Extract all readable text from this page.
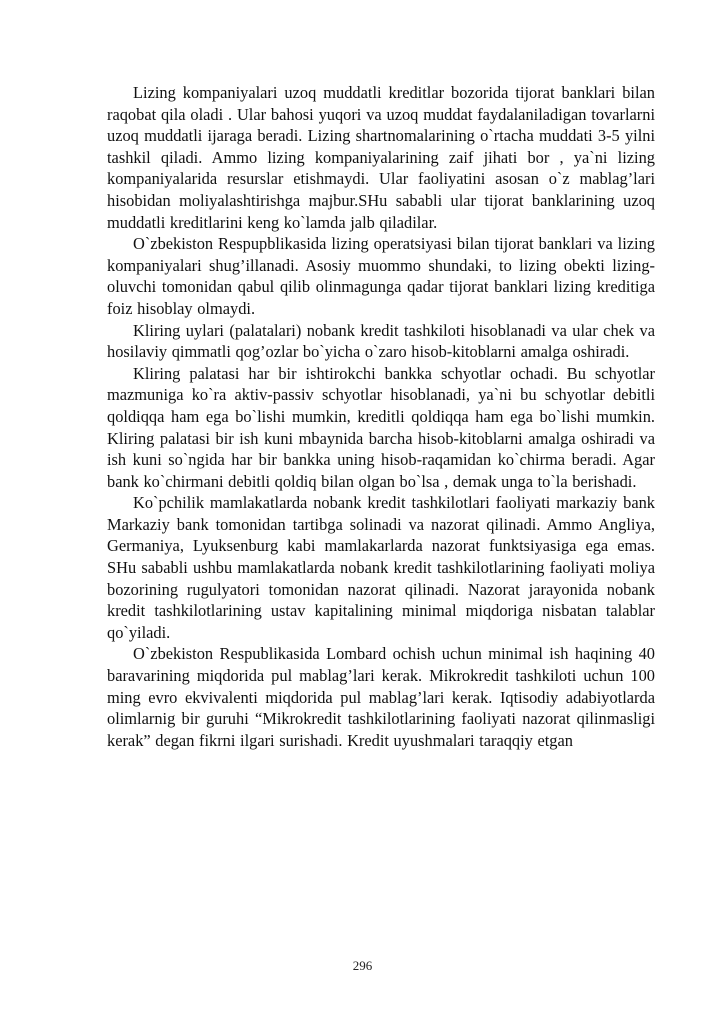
Lizing kompaniyalari uzoq muddatli kreditlar bozorida tijorat banklari bilan raqobat qila oladi . Ular bahosi yuqori va uzoq muddat faydalaniladigan tovarlarni uzoq muddatli ijaraga beradi. Lizing shartnomalarining o`rtacha muddati 3-5 yilni tashkil qiladi. Ammo lizing kompaniyalarining zaif jihati bor , ya`ni lizing kompaniyalarida resurslar etishmaydi. Ular faoliyatini asosan o`z mablag’lari hisobidan moliyalashtirishga majbur.SHu sababli ular tijorat banklarining uzoq muddatli kreditlarini keng ko`lamda jalb qiladilar.

O`zbekiston Respupblikasida lizing operatsiyasi bilan tijorat banklari va lizing kompaniyalari shug’illanadi. Asosiy muommo shundaki, to lizing obekti lizing-oluvchi tomonidan qabul qilib olinmagunga qadar tijorat banklari lizing kreditiga foiz hisoblay olmaydi.

Kliring uylari (palatalari) nobank kredit tashkiloti hisoblanadi va ular chek va hosilaviy qimmatli qog’ozlar bo`yicha o`zaro hisob-kitoblarni amalga oshiradi.

Kliring palatasi har bir ishtirokchi bankka schyotlar ochadi. Bu schyotlar mazmuniga ko`ra aktiv-passiv schyotlar hisoblanadi, ya`ni bu schyotlar debitli qoldiqqa ham ega bo`lishi mumkin, kreditli qoldiqqa ham ega bo`lishi mumkin. Kliring palatasi bir ish kuni mbaynida barcha hisob-kitoblarni amalga oshiradi va ish kuni so`ngida har bir bankka uning hisob-raqamidan ko`chirma beradi. Agar bank ko`chirmani debitli qoldiq bilan olgan bo`lsa , demak unga to`la berishadi.

Ko`pchilik mamlakatlarda nobank kredit tashkilotlari faoliyati markaziy bank Markaziy bank tomonidan tartibga solinadi va nazorat qilinadi. Ammo Angliya, Germaniya, Lyuksenburg kabi mamlakarlarda nazorat funktsiyasiga ega emas. SHu sababli ushbu mamlakatlarda nobank kredit tashkilotlarining faoliyati moliya bozorining rugulyatori tomonidan nazorat qilinadi. Nazorat jarayonida nobank kredit tashkilotlarining ustav kapitalining minimal miqdoriga nisbatan talablar qo`yiladi.

O`zbekiston Respublikasida Lombard ochish uchun minimal ish haqining 40 baravarining miqdorida pul mablag’lari kerak. Mikrokredit tashkiloti uchun 100 ming evro ekvivalenti miqdorida pul mablag’lari kerak. Iqtisodiy adabiyotlarda olimlarnig bir guruhi “Mikrokredit tashkilotlarining faoliyati nazorat qilinmasligi kerak” degan fikrni ilgari surishadi. Kredit uyushmalari taraqqiy etgan

296
